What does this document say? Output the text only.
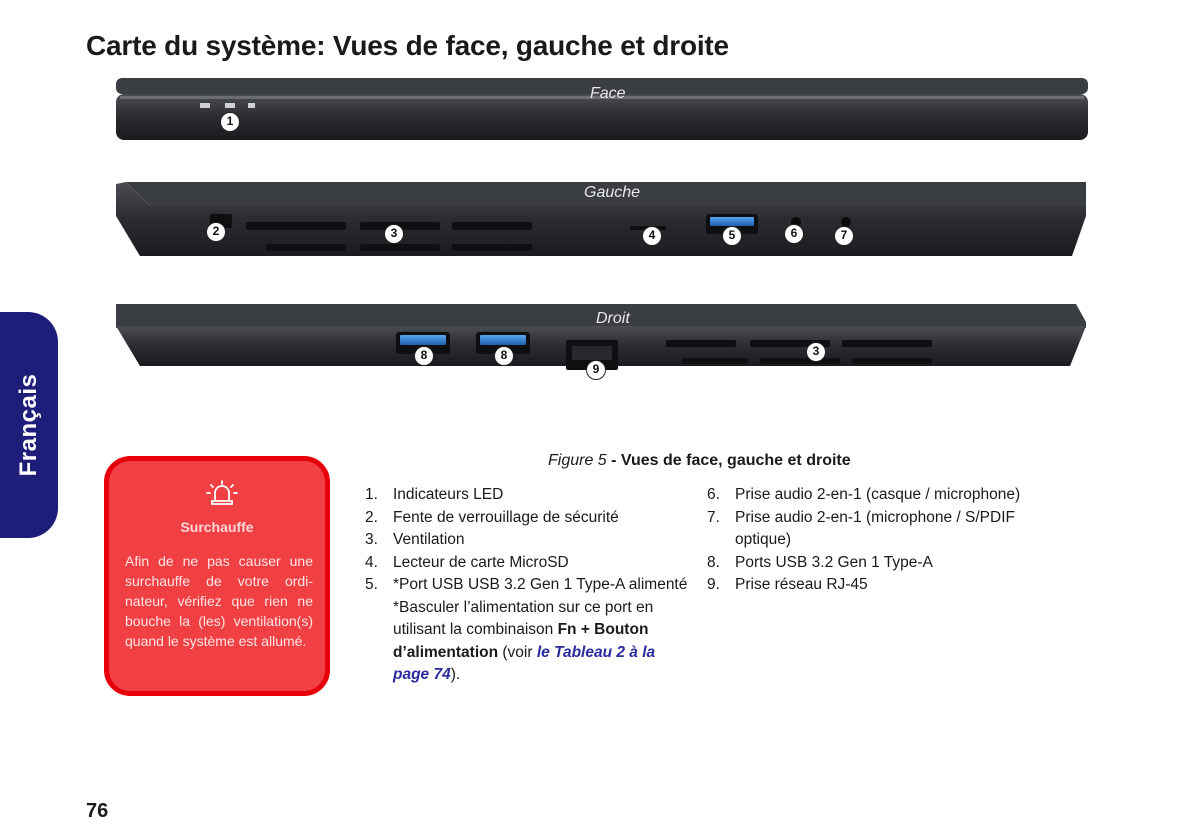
Carte du système: Vues de face, gauche et droite
Français
Face
Gauche
Droit
1
2	3	4	5	6	7
8	8
9
3
Figure 5 - Vues de face, gauche et droite
Surchauffe
Afin de ne pas causer une surchauffe de votre ordinateur, vérifiez que rien ne bouche la (les) ventilation(s) quand le système est allumé.
1. Indicateurs LED
2. Fente de verrouillage de sécurité
3. Ventilation
4. Lecteur de carte MicroSD
5. *Port USB USB 3.2 Gen 1 Type-A alimenté
*Basculer l’alimentation sur ce port en utilisant la combinaison Fn + Bouton d’alimentation (voir le Tableau 2 à la page 74).
6. Prise audio 2-en-1 (casque / microphone)
7. Prise audio 2-en-1 (microphone / S/PDIF optique)
8. Ports USB 3.2 Gen 1 Type-A
9. Prise réseau RJ-45
76
